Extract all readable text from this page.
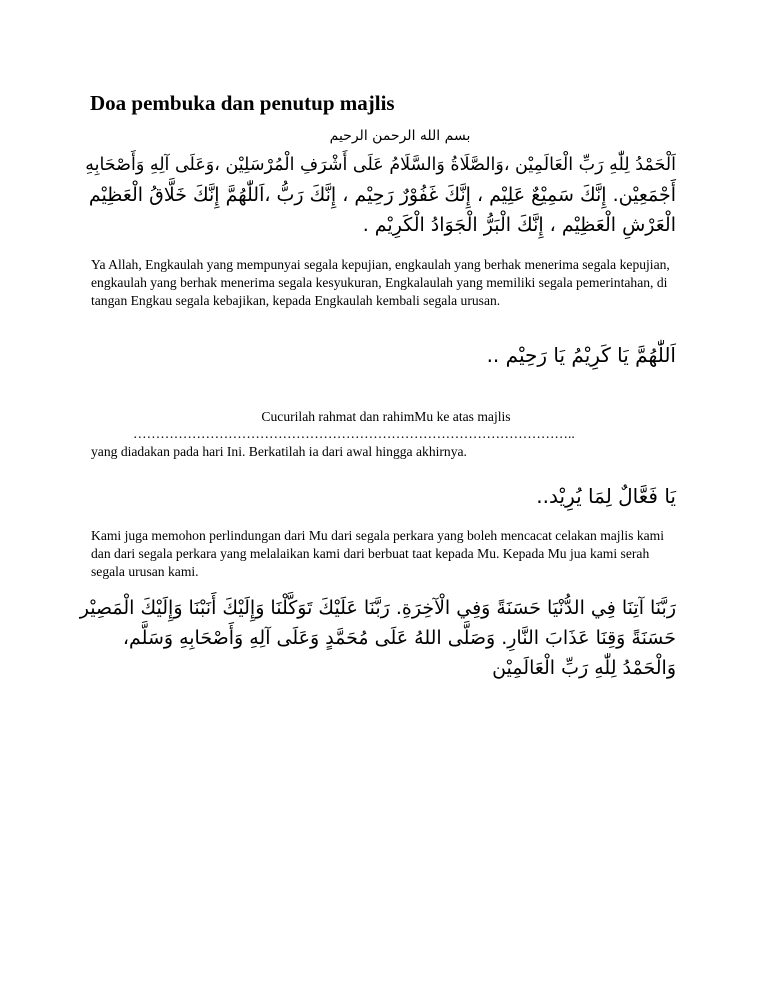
Doa pembuka dan penutup majlis
بسم الله الرحمن الرحيم
اَلْحَمْدُ لِلّٰهِ رَبِّ الْعَالَمِيْن ،وَالصَّلَاةُ وَالسَّلَامُ عَلَى أَشْرَفِ الْمُرْسَلِيْن ،وَعَلَى آلِهِ وَأَصْحَابِهِ
أَجْمَعِيْن. إِنَّكَ سَمِيْعٌ عَلِيْم ، إِنَّكَ غَفُوْرٌ رَحِيْم ، إِنَّكَ رَبُّ ،اَللّٰهُمَّ إِنَّكَ خَلَّاقُ الْعَظِيْم
الْعَرْشِ الْعَظِيْم ، إِنَّكَ الْبَرُّ الْجَوَادُ الْكَرِيْم .

Ya Allah, Engkaulah yang mempunyai segala kepujian, engkaulah yang berhak menerima segala kepujian, engkaulah yang berhak menerima segala kesyukuran, Engkalaulah yang memiliki segala pemerintahan, di tangan Engkau segala kebajikan, kepada Engkaulah kembali segala urusan.

اَللّٰهُمَّ يَا كَرِيْمُ يَا رَحِيْم ..
Cucurilah rahmat dan rahimMu ke atas majlis
……………………………………………………………………………………..

yang diadakan pada hari Ini. Berkatilah ia dari awal hingga akhirnya.

يَا فَعَّالٌ لِمَا يُرِيْد..

Kami juga memohon perlindungan dari Mu dari segala perkara yang boleh mencacat celakan majlis kami dan dari segala perkara yang melalaikan kami dari berbuat taat kepada Mu. Kepada Mu jua kami serah segala urusan kami.

رَبَّنَا آتِنَا فِي الدُّنْيَا حَسَنَةً وَفِي الْآخِرَةِ. رَبَّنَا عَلَيْكَ تَوَكَّلْنَا وَإِلَيْكَ أَنَبْنَا وَإِلَيْكَ الْمَصِيْر
حَسَنَةً وَقِنَا عَذَابَ النَّارِ. وَصَلَّى اللهُ عَلَى مُحَمَّدٍ وَعَلَى آلِهِ وَأَصْحَابِهِ وَسَلَّم،
وَالْحَمْدُ لِلّٰهِ رَبِّ الْعَالَمِيْن
